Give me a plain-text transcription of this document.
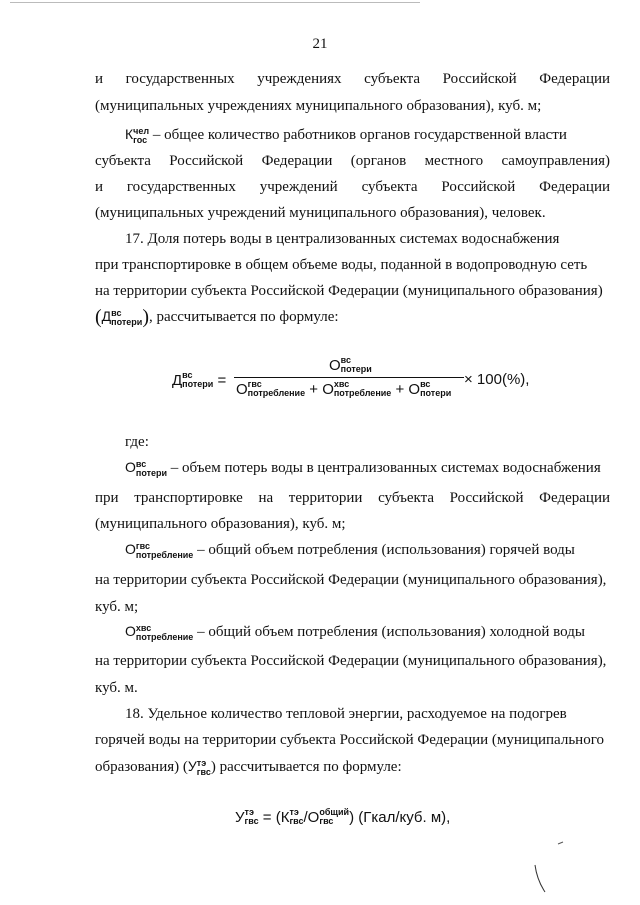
21
и государственных учреждениях субъекта Российской Федерации
(муниципальных учреждениях муниципального образования), куб. м;
К чел
гос – общее количество работников органов государственной власти
субъекта Российской Федерации (органов местного самоуправления)
и государственных учреждений субъекта Российской Федерации
(муниципальных учреждений муниципального образования), человек.
17. Доля потерь воды в централизованных системах водоснабжения
при транспортировке в общем объеме воды, поданной в водопроводную сеть
на территории субъекта Российской Федерации (муниципального образования)
(Д вс
потери ), рассчитывается по формуле:
Д вс
потери =
О вс
потери
О гвс
потребление + О хвс
потребление + О вс
потери
× 100(%),
где:
О вс
потери – объем потерь воды в централизованных системах водоснабжения
при транспортировке на территории субъекта Российской Федерации
(муниципального образования), куб. м;
О гвс
потребление – общий объем потребления (использования) горячей воды
на территории субъекта Российской Федерации (муниципального образования),
куб. м;
О хвс
потребление – общий объем потребления (использования) холодной воды
на территории субъекта Российской Федерации (муниципального образования),
куб. м.
18. Удельное количество тепловой энергии, расходуемое на подогрев
горячей воды на территории субъекта Российской Федерации (муниципального
образования) (У тэ
гвс ) рассчитывается по формуле:
У тэ
гвс = (К тэ
гвс /О общий
гвс	) (Гкал/куб. м),
